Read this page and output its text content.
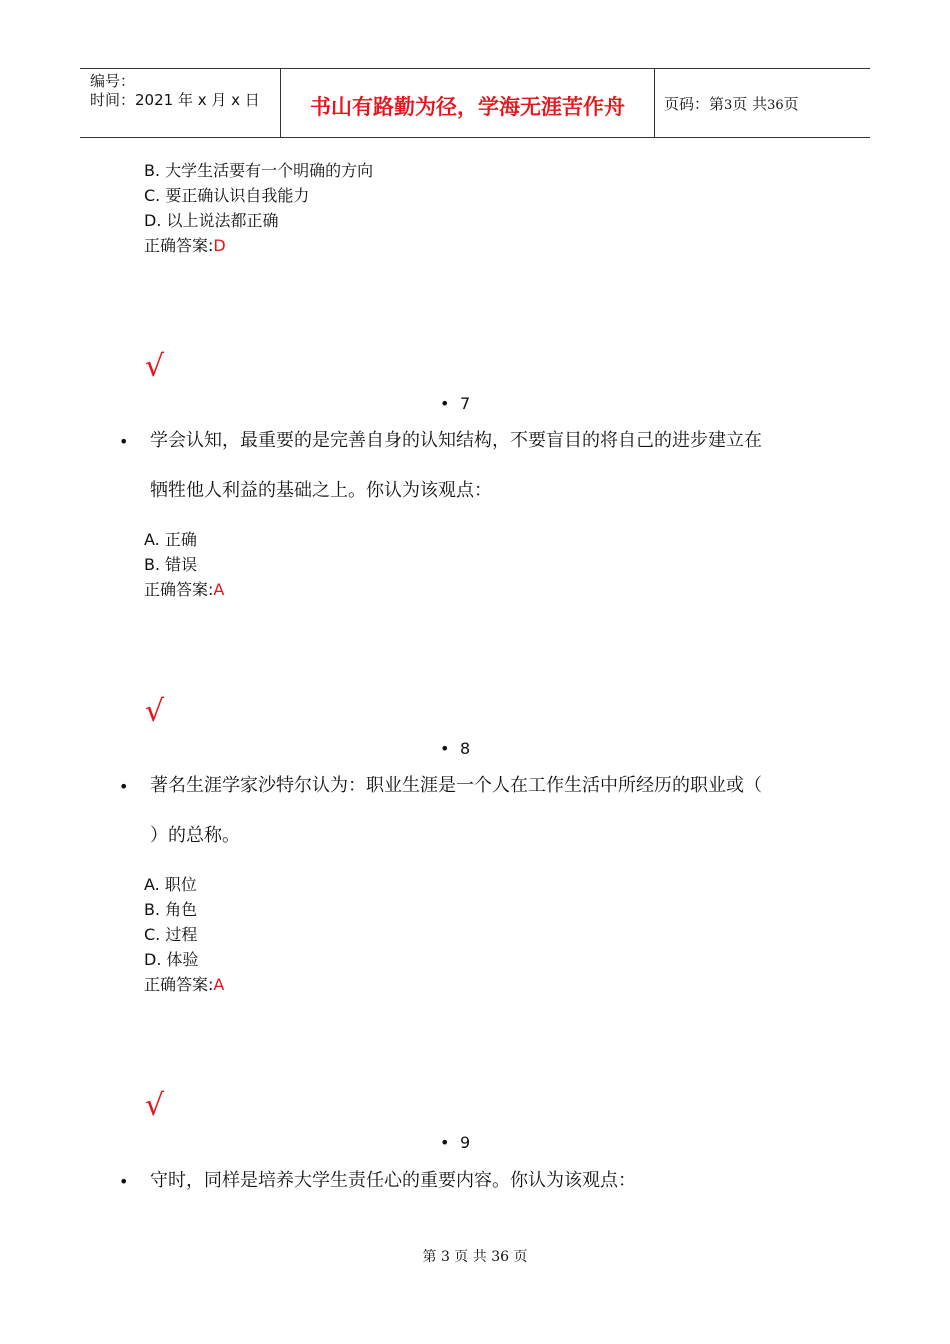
编号：
时间：2021 年 x 月 x 日	书山有路勤为径，学海无涯苦作舟	页码：第3页 共36页
B. 大学生活要有一个明确的方向
C. 要正确认识自我能力
D. 以上说法都正确
正确答案:D
√
• 7
• 学会认知，最重要的是完善自身的认知结构，不要盲目的将自己的进步建立在
牺牲他人利益的基础之上。你认为该观点：
A. 正确
B. 错误
正确答案:A
√
• 8
• 著名生涯学家沙特尔认为：职业生涯是一个人在工作生活中所经历的职业或（
）的总称。
A. 职位
B. 角色
C. 过程
D. 体验
正确答案:A
√
• 9
• 守时，同样是培养大学生责任心的重要内容。你认为该观点：
第 3 页 共 36 页
